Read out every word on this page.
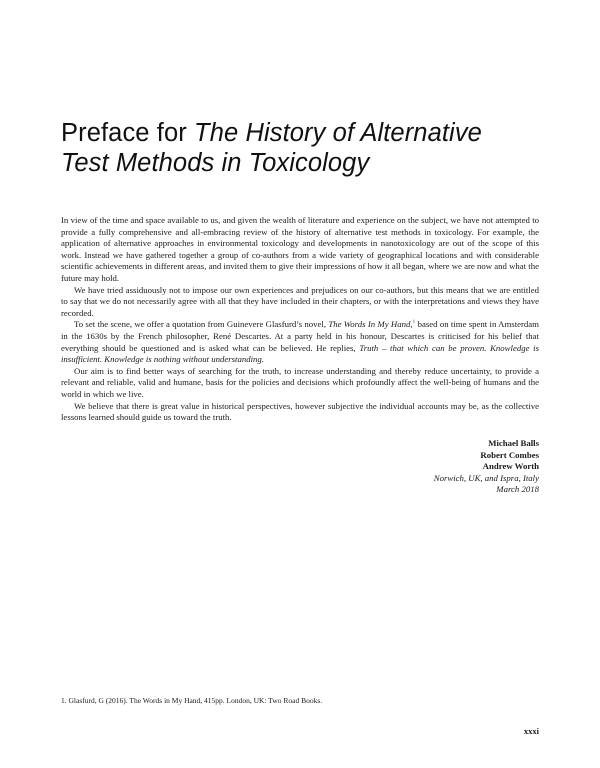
Preface for The History of Alternative
Test Methods in Toxicology

In view of the time and space available to us, and given the wealth of literature and experience on the subject, we have not attempted to provide a fully comprehensive and all-embracing review of the history of alternative test methods in toxicology. For example, the application of alternative approaches in environmental toxicology and developments in nanotoxicology are out of the scope of this work. Instead we have gathered together a group of co-authors from a wide variety of geographical locations and with considerable scientific achievements in different areas, and invited them to give their impressions of how it all began, where we are now and what the future may hold.

We have tried assiduously not to impose our own experiences and prejudices on our co-authors, but this means that we are entitled to say that we do not necessarily agree with all that they have included in their chapters, or with the interpretations and views they have recorded.

To set the scene, we offer a quotation from Guinevere Glasfurd’s novel, The Words In My Hand,$^1$ based on time spent in Amsterdam in the 1630s by the French philosopher, René Descartes. At a party held in his honour, Descartes is criticised for his belief that everything should be questioned and is asked what can be believed. He replies, Truth – that which can be proven. Knowledge is insufficient. Knowledge is nothing without understanding.

Our aim is to find better ways of searching for the truth, to increase understanding and thereby reduce uncertainty, to provide a relevant and reliable, valid and humane, basis for the policies and decisions which profoundly affect the well-being of humans and the world in which we live.

We believe that there is great value in historical perspectives, however subjective the individual accounts may be, as the collective lessons learned should guide us toward the truth.

Michael Balls
Robert Combes
Andrew Worth
Norwich, UK, and Ispra, Italy
March 2018
1. Glasfurd, G (2016). The Words in My Hand, 415pp. London, UK: Two Road Books.
xxxi
